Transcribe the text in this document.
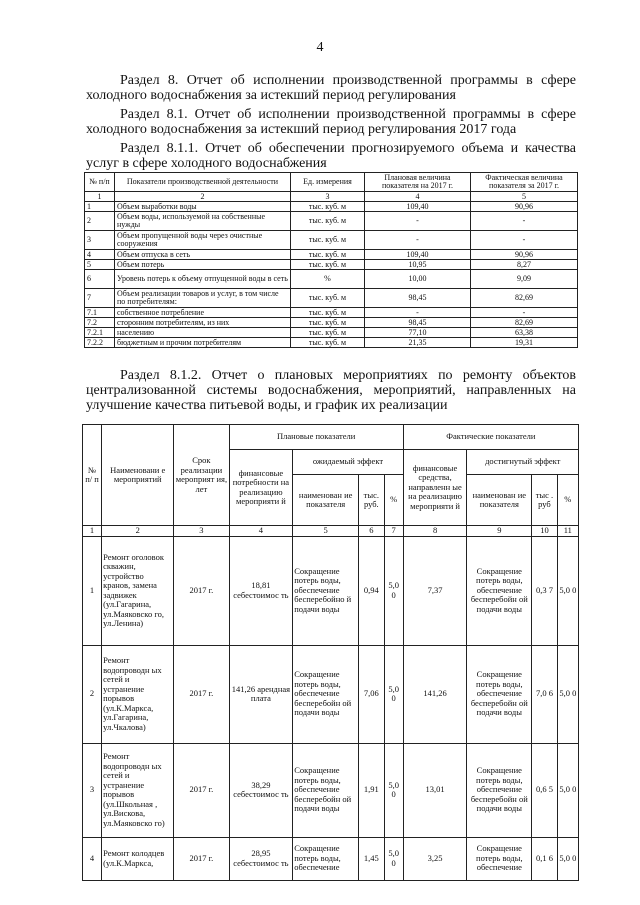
4

Раздел 8. Отчет об исполнении производственной программы в сфере холодного водоснабжения за истекший период регулирования

Раздел 8.1. Отчет об исполнении производственной программы в сфере холодного водоснабжения за истекший период регулирования 2017 года

Раздел 8.1.1. Отчет об обеспечении прогнозируемого объема и качества услуг в сфере холодного водоснабжения

№ п/п	Показатели производственной деятельности	Ед. измерения	Плановая величина показателя на 2017 г.	Фактическая величина показателя за 2017 г.
1	2	3	4	5
1	Объем выработки воды	тыс. куб. м	109,40	90,96
2	Объем воды, используемой на собственные нужды	тыс. куб. м	-	-
3	Объем пропущенной воды через очистные сооружения	тыс. куб. м	-	-
4	Объем отпуска в сеть	тыс. куб. м	109,40	90,96
5	Объем потерь	тыс. куб. м	10,95	8,27
6	Уровень потерь к объему отпущенной воды в сеть	%	10,00	9,09
7	Объем реализации товаров и услуг, в том числе по потребителям:	тыс. куб. м	98,45	82,69
7.1	собственное потребление	тыс. куб. м	-	-
7.2	сторонним потребителям, из них	тыс. куб. м	98,45	82,69
7.2.1	населению	тыс. куб. м	77,10	63,38
7.2.2	бюджетным и прочим потребителям	тыс. куб. м	21,35	19,31

Раздел 8.1.2. Отчет о плановых мероприятиях по ремонту объектов централизованной системы водоснабжения, мероприятий, направленных на улучшение качества питьевой воды, и график их реализации

№ п/ п	Наименовани е мероприятий	Срок реализации мероприят ия, лет	Плановые показатели				Фактические показатели			
			финансовые потребности на реализацию мероприяти й	ожидаемый эффект			финансовые средства, направленн ые на реализацию мероприяти й	достигнутый эффект		
				наименован ие показателя	тыс. руб.	%		наименован ие показателя	тыс . руб	%
1	2	3	4	5	6	7	8	9	10	11
1	Ремонт оголовок скважин, устройство кранов, замена задвижек (ул.Гагарина, ул.Маяковско го, ул.Ленина)	2017 г.	18,81 себестоимос ть	Сокращение потерь воды, обеспечение бесперебойно й подачи воды	0,94	5,0 0	7,37	Сокращение потерь воды, обеспечение бесперебойн ой подачи воды	0,3 7	5,0 0
2	Ремонт водопроводн ых сетей и устранение порывов (ул.К.Маркса, ул.Гагарина, ул.Чкалова)	2017 г.	141,26 арендная плата	Сокращение потерь воды, обеспечение бесперебойн ой подачи воды	7,06	5,0 0	141,26	Сокращение потерь воды, обеспечение бесперебойн ой подачи воды	7,0 6	5,0 0
3	Ремонт водопроводн ых сетей и устранение порывов (ул.Школьная , ул.Вискова, ул.Маяковско го)	2017 г.	38,29 себестоимос ть	Сокращение потерь воды, обеспечение бесперебойн ой подачи воды	1,91	5,0 0	13,01	Сокращение потерь воды, обеспечение бесперебойн ой подачи воды	0,6 5	5,0 0
4	Ремонт колодцев (ул.К.Маркса,	2017 г.	28,95 себестоимос ть	Сокращение потерь воды, обеспечение	1,45	5,0 0	3,25	Сокращение потерь воды, обеспечение	0,1 6	5,0 0
